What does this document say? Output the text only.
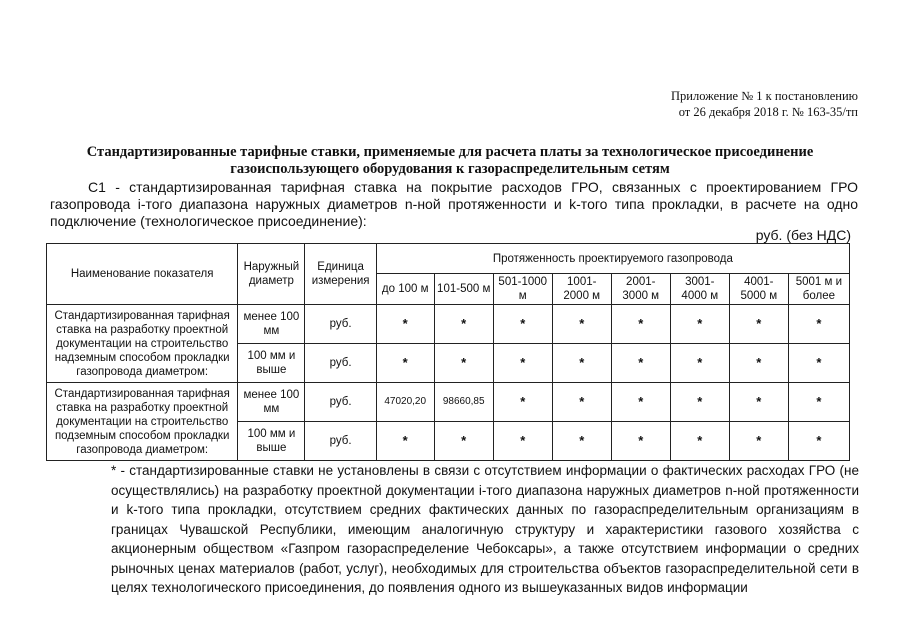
Приложение № 1 к постановлению
от 26 декабря 2018 г. № 163-35/тп
Стандартизированные тарифные ставки, применяемые для расчета платы за технологическое присоединение газоиспользующего оборудования к газораспределительным сетям
С1 - стандартизированная тарифная ставка на покрытие расходов ГРО, связанных с проектированием ГРО газопровода i-того диапазона наружных диаметров n-ной протяженности и k-того типа прокладки, в расчете на одно подключение (технологическое присоединение):
руб. (без НДС)
Наименование показателя	Наружный диаметр	Единица измерения	Протяженность проектируемого газопровода							
			до 100 м	101-500 м	501-1000 м	1001-2000 м	2001-3000 м	3001-4000 м	4001-5000 м	5001 м и более
Стандартизированная тарифная ставка на разработку проектной документации на строительство надземным способом прокладки газопровода диаметром:	менее 100 мм	руб.	*	*	*	*	*	*	*	*
	100 мм и выше	руб.	*	*	*	*	*	*	*	*
Стандартизированная тарифная ставка на разработку проектной документации на строительство подземным способом прокладки газопровода диаметром:	менее 100 мм	руб.	47020,20	98660,85	*	*	*	*	*	*
	100 мм и выше	руб.	*	*	*	*	*	*	*	*
* - стандартизированные ставки не установлены в связи с отсутствием информации о фактических расходах ГРО (не осуществлялись) на разработку проектной документации i-того диапазона наружных диаметров n-ной протяженности и k-того типа прокладки, отсутствием средних фактических данных по газораспределительным организациям в границах Чувашской Республики, имеющим аналогичную структуру и характеристики газового хозяйства с акционерным обществом «Газпром газораспределение Чебоксары», а также отсутствием информации о средних рыночных ценах материалов (работ, услуг), необходимых для строительства объектов газораспределительной сети в целях технологического присоединения, до появления одного из вышеуказанных видов информации
